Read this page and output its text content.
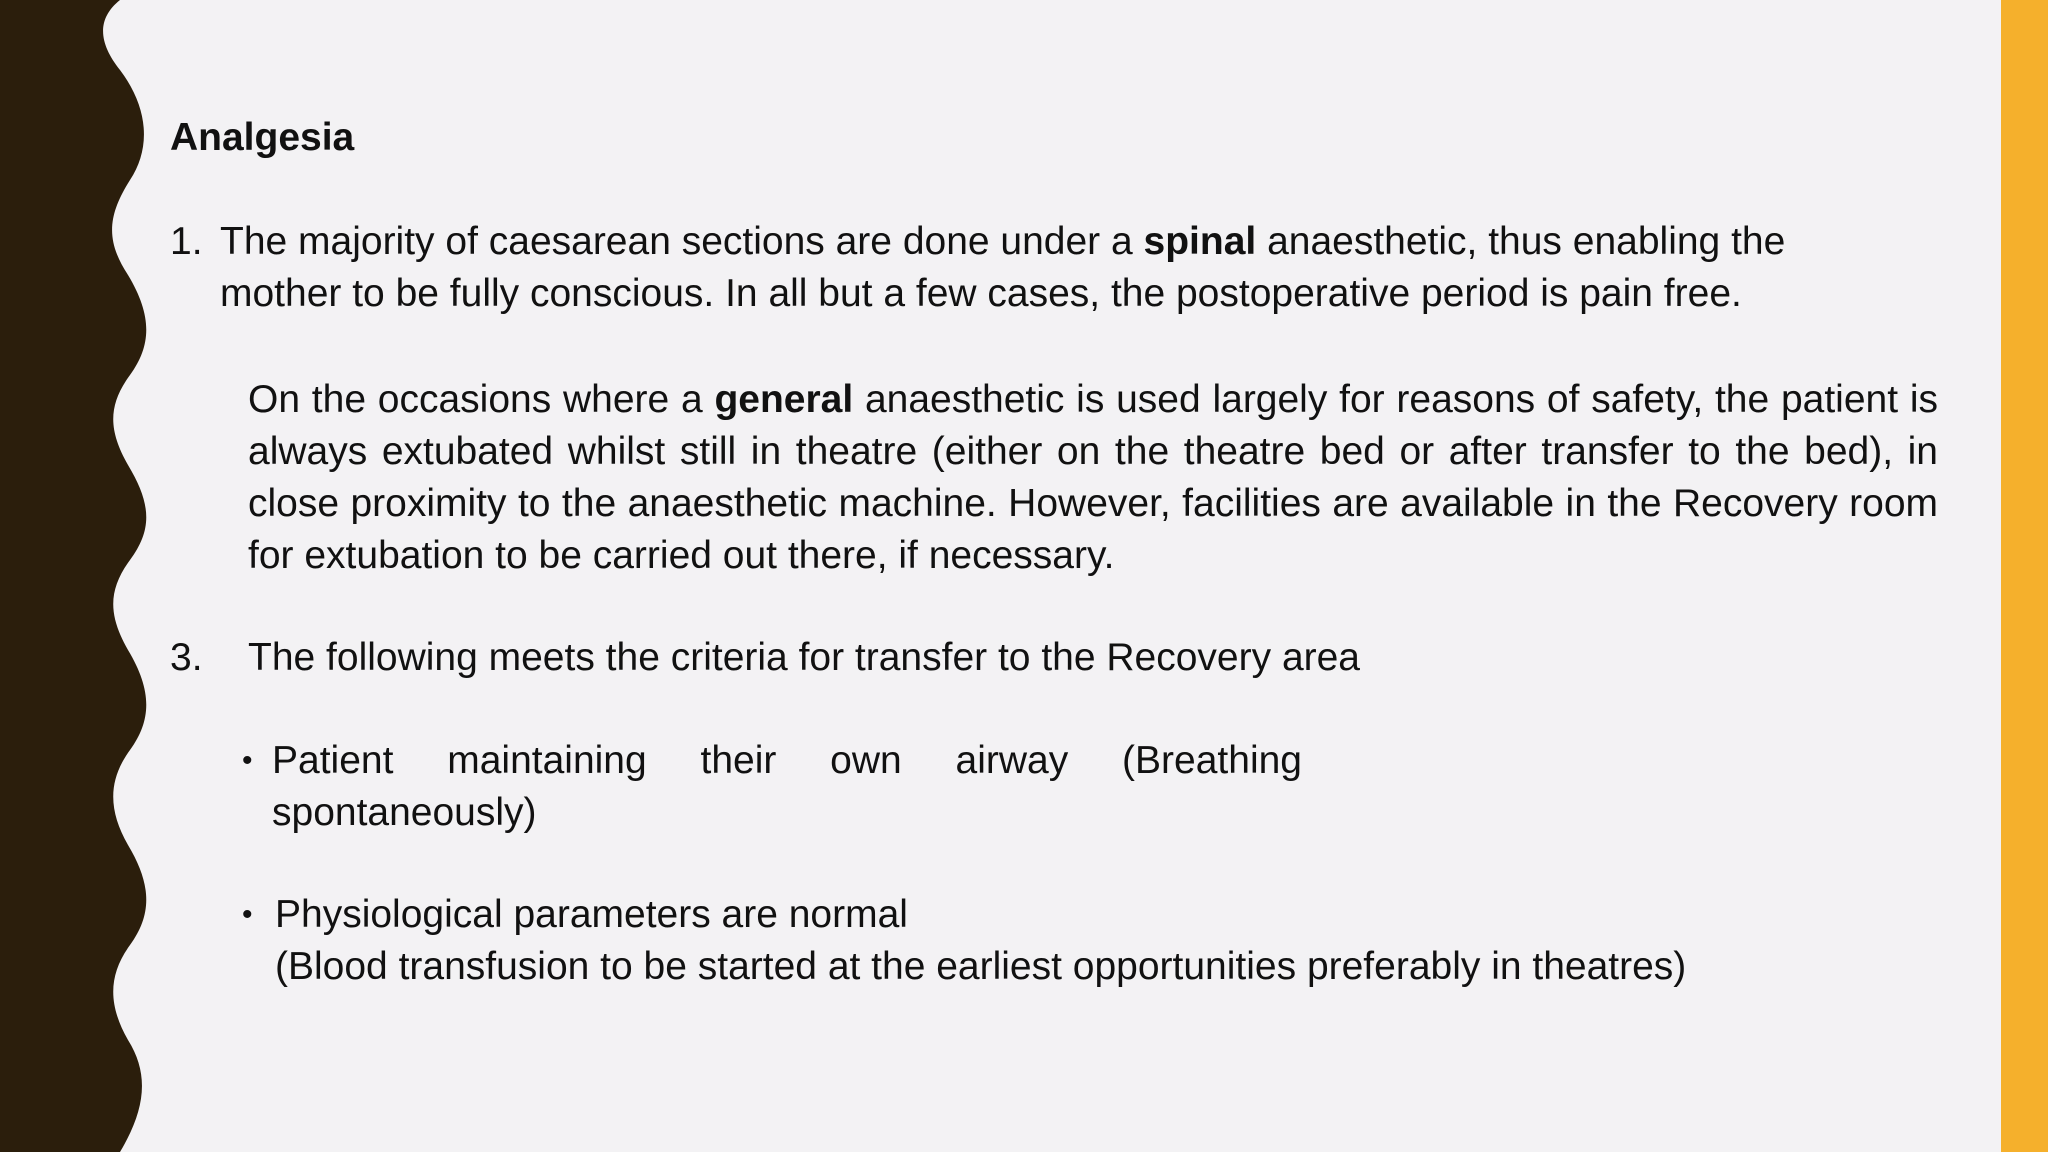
Analgesia
1. The majority of caesarean sections are done under a spinal anaesthetic, thus enabling the
mother to be fully conscious. In all but a few cases, the postoperative period is pain free.
On the occasions where a general anaesthetic is used largely for reasons of safety, the patient is always extubated whilst still in theatre (either on the theatre bed or after transfer to the bed), in close proximity to the anaesthetic machine. However, facilities are available in the Recovery room for extubation to be carried out there, if necessary.
3. The following meets the criteria for transfer to the Recovery area
• Patient maintaining their own airway (Breathing
spontaneously)
• Physiological parameters are normal
(Blood transfusion to be started at the earliest opportunities preferably in theatres)
